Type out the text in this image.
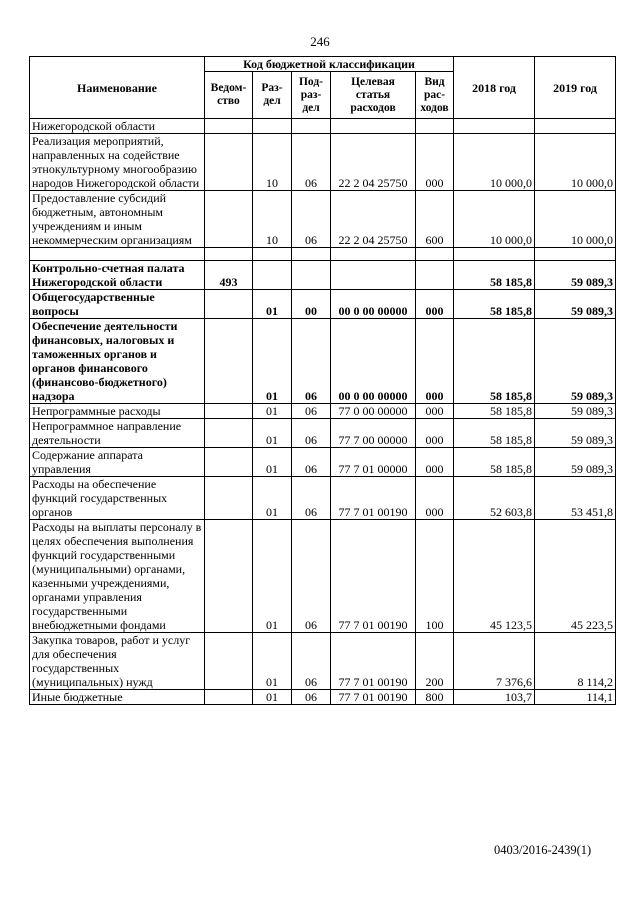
246
Наименование	Код бюджетной классификации					2018 год	2019 год
	Ведом-ство	Раз-дел	Под-раз-дел	Целевая статья расходов	Вид рас-ходов		
Нижегородской области							
Реализация мероприятий, направленных на содействие этнокультурному многообразию народов Нижегородской области		10	06	22 2 04 25750	000	10 000,0	10 000,0
Предоставление субсидий бюджетным, автономным учреждениям и иным некоммерческим организациям		10	06	22 2 04 25750	600	10 000,0	10 000,0

Контрольно-счетная палата Нижегородской области	493					58 185,8	59 089,3
Общегосударственные вопросы		01	00	00 0 00 00000	000	58 185,8	59 089,3
Обеспечение деятельности финансовых, налоговых и таможенных органов и органов финансового (финансово-бюджетного) надзора		01	06	00 0 00 00000	000	58 185,8	59 089,3
Непрограммные расходы		01	06	77 0 00 00000	000	58 185,8	59 089,3
Непрограммное направление деятельности		01	06	77 7 00 00000	000	58 185,8	59 089,3
Содержание аппарата управления		01	06	77 7 01 00000	000	58 185,8	59 089,3
Расходы на обеспечение функций государственных органов		01	06	77 7 01 00190	000	52 603,8	53 451,8
Расходы на выплаты персоналу в целях обеспечения выполнения функций государственными (муниципальными) органами, казенными учреждениями, органами управления государственными внебюджетными фондами		01	06	77 7 01 00190	100	45 123,5	45 223,5
Закупка товаров, работ и услуг для обеспечения государственных (муниципальных) нужд		01	06	77 7 01 00190	200	7 376,6	8 114,2
Иные бюджетные		01	06	77 7 01 00190	800	103,7	114,1
0403/2016-2439(1)
